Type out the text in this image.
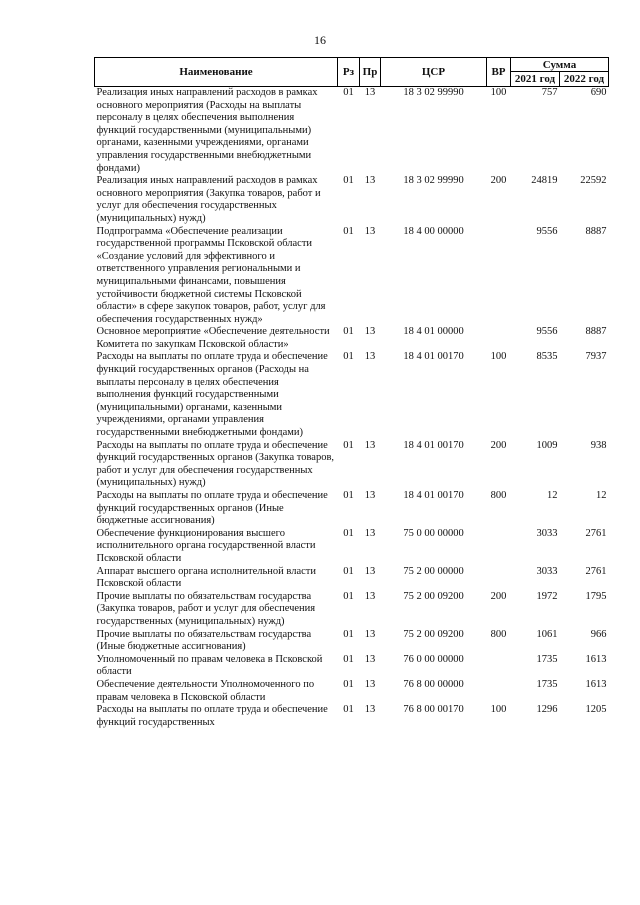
16
Наименование	Рз	Пр	ЦСР	ВР	Сумма	
					2021 год	2022 год
Реализация иных направлений расходов в рамках основного мероприятия (Расходы на выплаты персоналу в целях обеспечения выполнения функций государственными (муниципальными) органами, казенными учреждениями, органами управления государственными внебюджетными фондами)	01	13	18 3 02 99990	100	757	690
Реализация иных направлений расходов в рамках основного мероприятия (Закупка товаров, работ и услуг для обеспечения государственных (муниципальных) нужд)	01	13	18 3 02 99990	200	24819	22592
Подпрограмма «Обеспечение реализации государственной программы Псковской области «Создание условий для эффективного и ответственного управления региональными и муниципальными финансами, повышения устойчивости бюджетной системы Псковской области» в сфере закупок товаров, работ, услуг для обеспечения государственных нужд»	01	13	18 4 00 00000		9556	8887
Основное мероприятие «Обеспечение деятельности Комитета по закупкам Псковской области»	01	13	18 4 01 00000		9556	8887
Расходы на выплаты по оплате труда и обеспечение функций государственных органов (Расходы на выплаты персоналу в целях обеспечения выполнения функций государственными (муниципальными) органами, казенными учреждениями, органами управления государственными внебюджетными фондами)	01	13	18 4 01 00170	100	8535	7937
Расходы на выплаты по оплате труда и обеспечение функций государственных органов (Закупка товаров, работ и услуг для обеспечения государственных (муниципальных) нужд)	01	13	18 4 01 00170	200	1009	938
Расходы на выплаты по оплате труда и обеспечение функций государственных органов (Иные бюджетные ассигнования)	01	13	18 4 01 00170	800	12	12
Обеспечение функционирования высшего исполнительного органа государственной власти Псковской области	01	13	75 0 00 00000		3033	2761
Аппарат высшего органа исполнительной власти Псковской области	01	13	75 2 00 00000		3033	2761
Прочие выплаты по обязательствам государства (Закупка товаров, работ и услуг для обеспечения государственных (муниципальных) нужд)	01	13	75 2 00 09200	200	1972	1795
Прочие выплаты по обязательствам государства (Иные бюджетные ассигнования)	01	13	75 2 00 09200	800	1061	966
Уполномоченный по правам человека в Псковской области	01	13	76 0 00 00000		1735	1613
Обеспечение деятельности Уполномоченного по правам человека в Псковской области	01	13	76 8 00 00000		1735	1613
Расходы на выплаты по оплате труда и обеспечение функций государственных	01	13	76 8 00 00170	100	1296	1205
